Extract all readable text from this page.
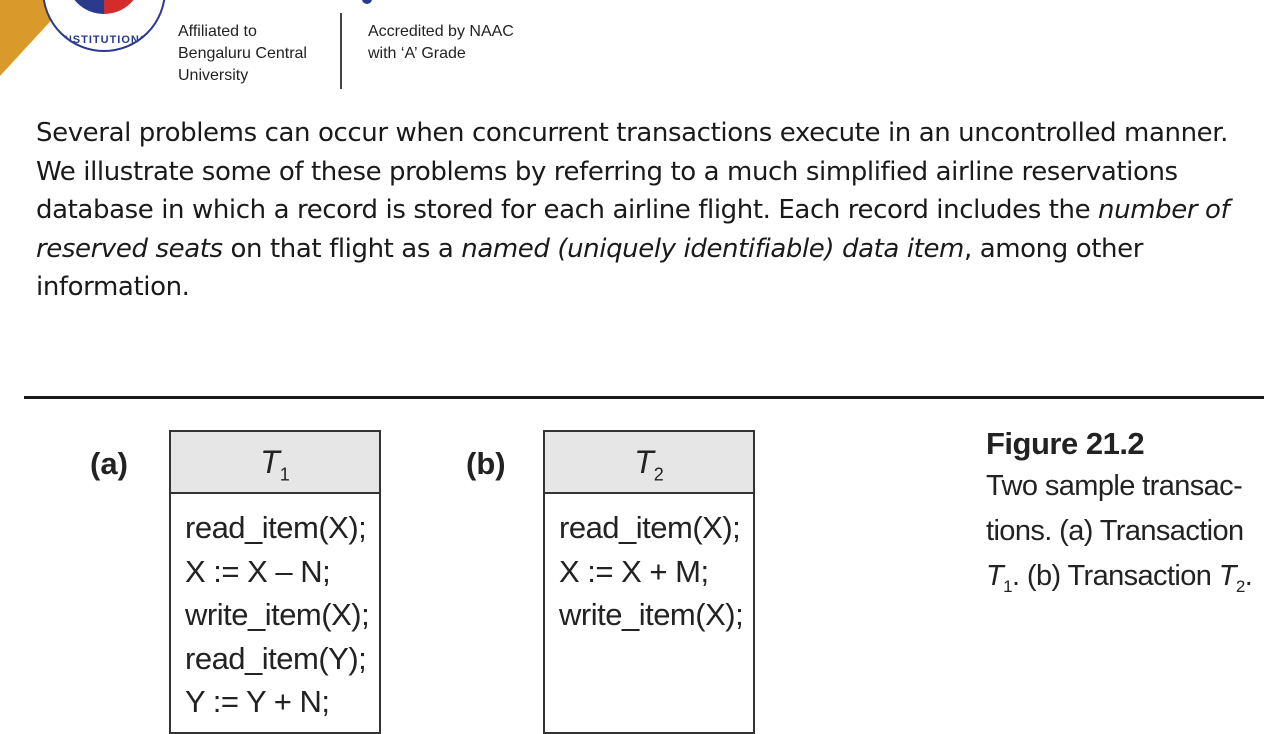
INSTITUTIONS	Affiliated to
Bengaluru Central
University
Accredited by NAAC
with ‘A’ Grade
Several problems can occur when concurrent transactions execute in an uncontrolled manner. We illustrate some of these problems by referring to a much simplified airline reservations database in which a record is stored for each airline flight. Each record includes the number of reserved seats on that flight as a named (uniquely identifiable) data item, among other information.
(a)	$T_1$
read_item(X);
X := X – N;
write_item(X);
read_item(Y);
Y := Y + N;
(b)	$T_2$
read_item(X);
X := X + M;
write_item(X);
Figure 21.2
Two sample transac-
tions. (a) Transaction
$T_1$. (b) Transaction $T_2$.
